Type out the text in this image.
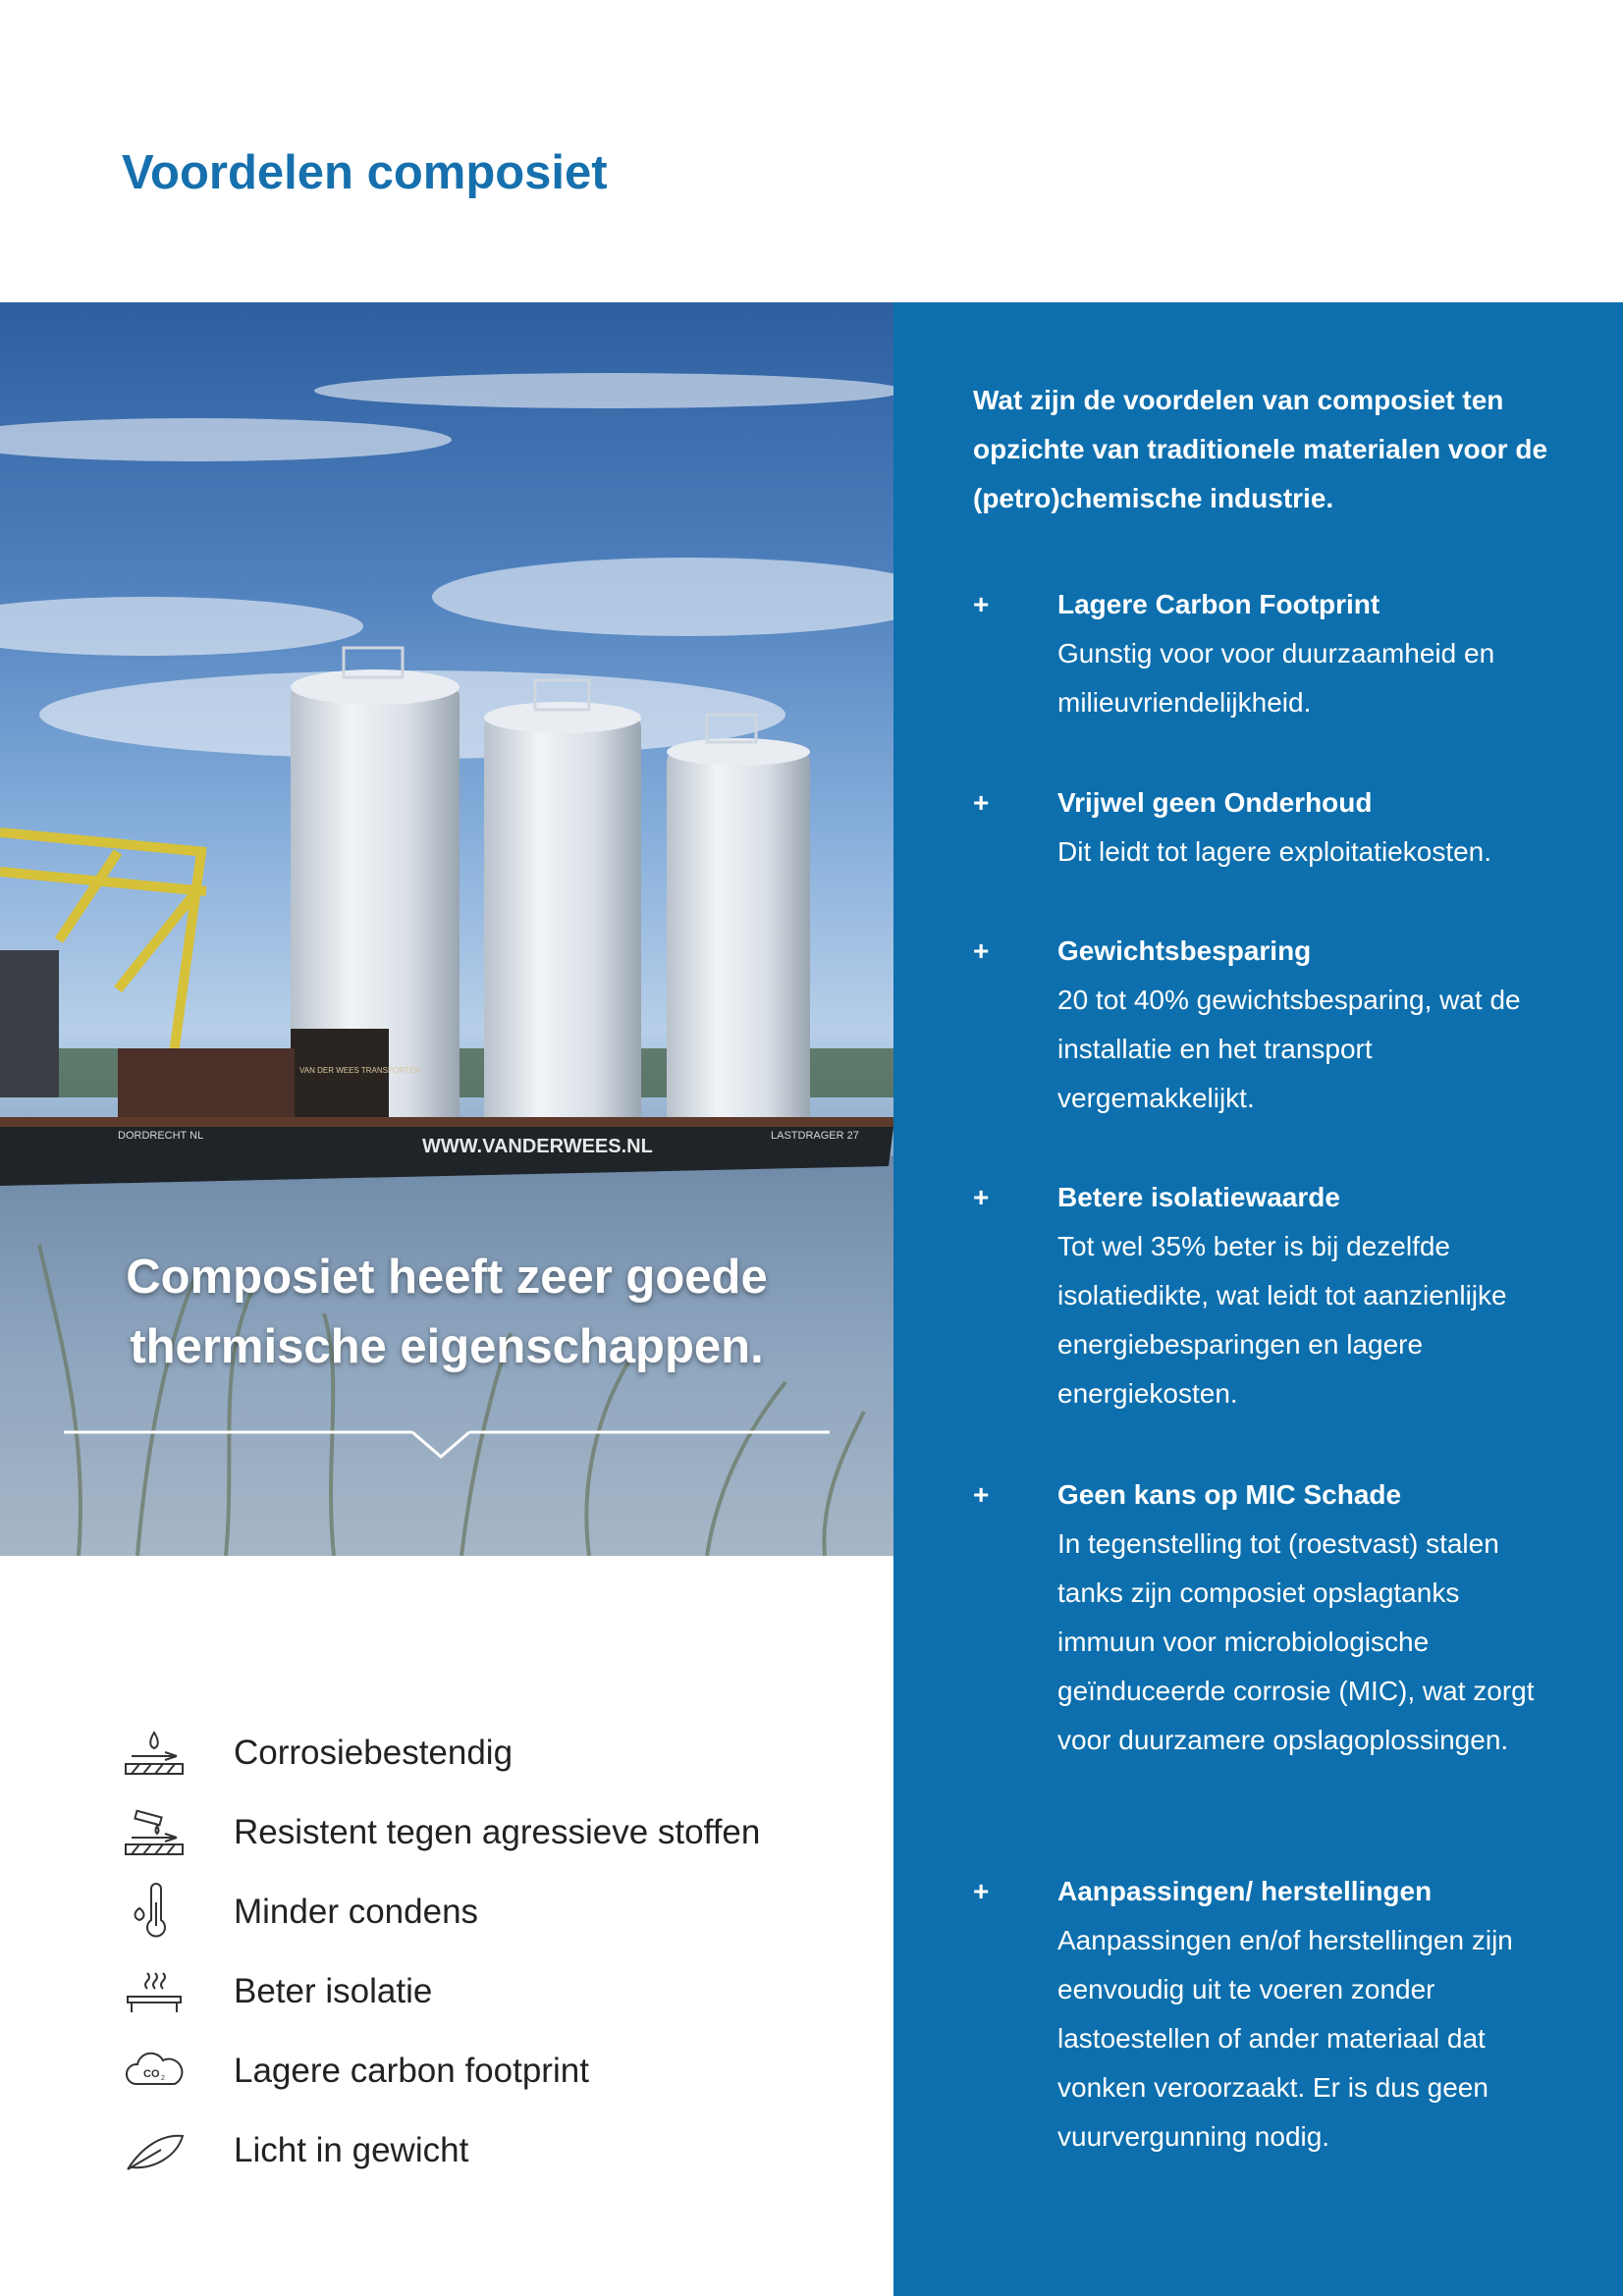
Voordelen composiet
WWW.VANDERWEES.NL	LASTDRAGER 27
DORDRECHT NL
VAN DER WEES TRANSPORTEN
Composiet heeft zeer goede thermische eigenschappen.

Wat zijn de voordelen van composiet ten opzichte van traditionele materialen voor de (petro)chemische industrie.

+	Lagere Carbon Footprint
Gunstig voor voor duurzaamheid en milieuvriendelijkheid.
+	Vrijwel geen Onderhoud
Dit leidt tot lagere exploitatiekosten.
+	Gewichtsbesparing
20 tot 40% gewichtsbesparing, wat de installatie en het transport vergemakkelijkt.
+	Betere isolatiewaarde
Tot wel 35% beter is bij dezelfde isolatiedikte, wat leidt tot aanzienlijke energiebesparingen en lagere energiekosten.
+	Geen kans op MIC Schade
In tegenstelling tot (roestvast) stalen tanks zijn composiet opslagtanks immuun voor microbiologische geïnduceerde corrosie (MIC), wat zorgt voor duurzamere opslagoplossingen.
+	Aanpassingen/ herstellingen
Aanpassingen en/of herstellingen zijn eenvoudig uit te voeren zonder lastoestellen of ander materiaal dat vonken veroorzaakt. Er is dus geen vuurvergunning nodig.
Corrosiebestendig
Resistent tegen agressieve stoffen
Minder condens
Beter isolatie
CO 2 Lagere carbon footprint
Licht in gewicht
